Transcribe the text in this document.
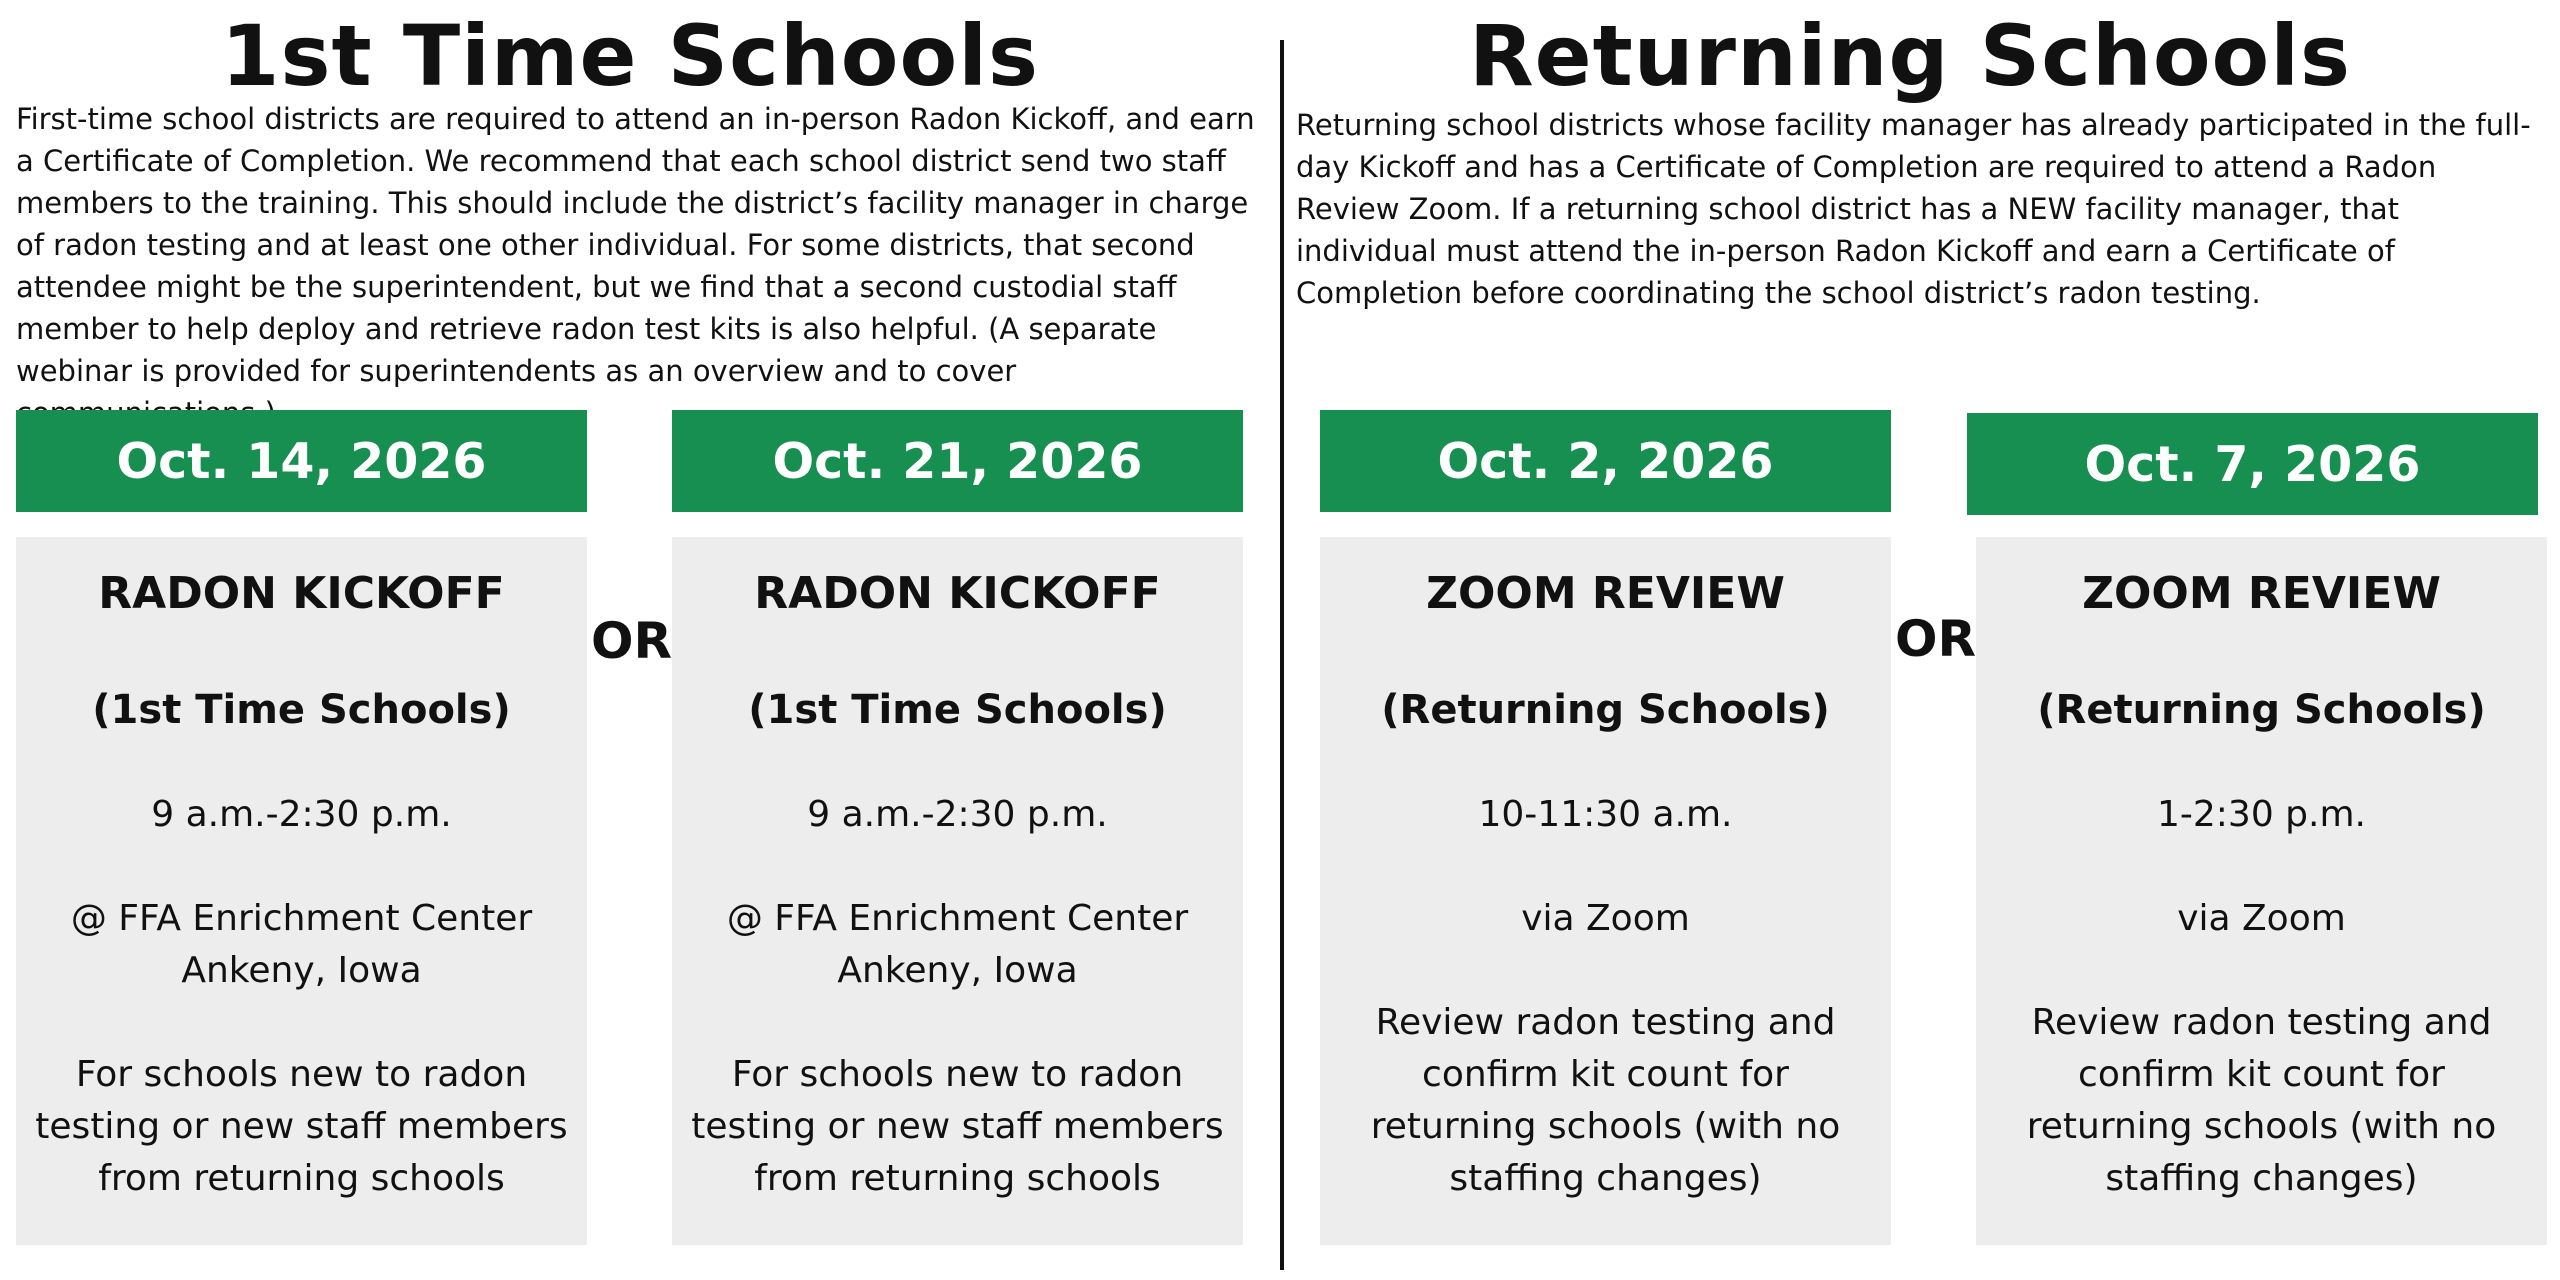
1st Time Schools

First-time school districts are required to attend an in-person Radon Kickoff, and earn a Certificate of Completion. We recommend that each school district send two staff members to the training. This should include the district’s facility manager in charge of radon testing and at least one other individual. For some districts, that second attendee might be the superintendent, but we find that a second custodial staff member to help deploy and retrieve radon test kits is also helpful. (A separate webinar is provided for superintendents as an overview and to cover

Oct. 14, 2026	Oct. 21, 2026

RADON KICKOFF

(1st Time Schools)

9 a.m.-2:30 p.m.

@ FFA Enrichment Center
Ankeny, Iowa

For schools new to radon testing or new staff members from returning schools

OR

RADON KICKOFF

(1st Time Schools)

9 a.m.-2:30 p.m.

@ FFA Enrichment Center
Ankeny, Iowa

For schools new to radon testing or new staff members from returning schools

Returning Schools

Returning school districts whose facility manager has already participated in the full-day Kickoff and has a Certificate of Completion are required to attend a Radon Review Zoom. If a returning school district has a NEW facility manager, that individual must attend the in-person Radon Kickoff and earn a Certificate of Completion before coordinating the school district’s radon testing.

Oct. 2, 2026	Oct. 7, 2026

ZOOM REVIEW

(Returning Schools)

10-11:30 a.m.

via Zoom

Review radon testing and confirm kit count for returning schools (with no staffing changes)

OR

ZOOM REVIEW

(Returning Schools)

1-2:30 p.m.

via Zoom

Review radon testing and confirm kit count for returning schools (with no staffing changes)
